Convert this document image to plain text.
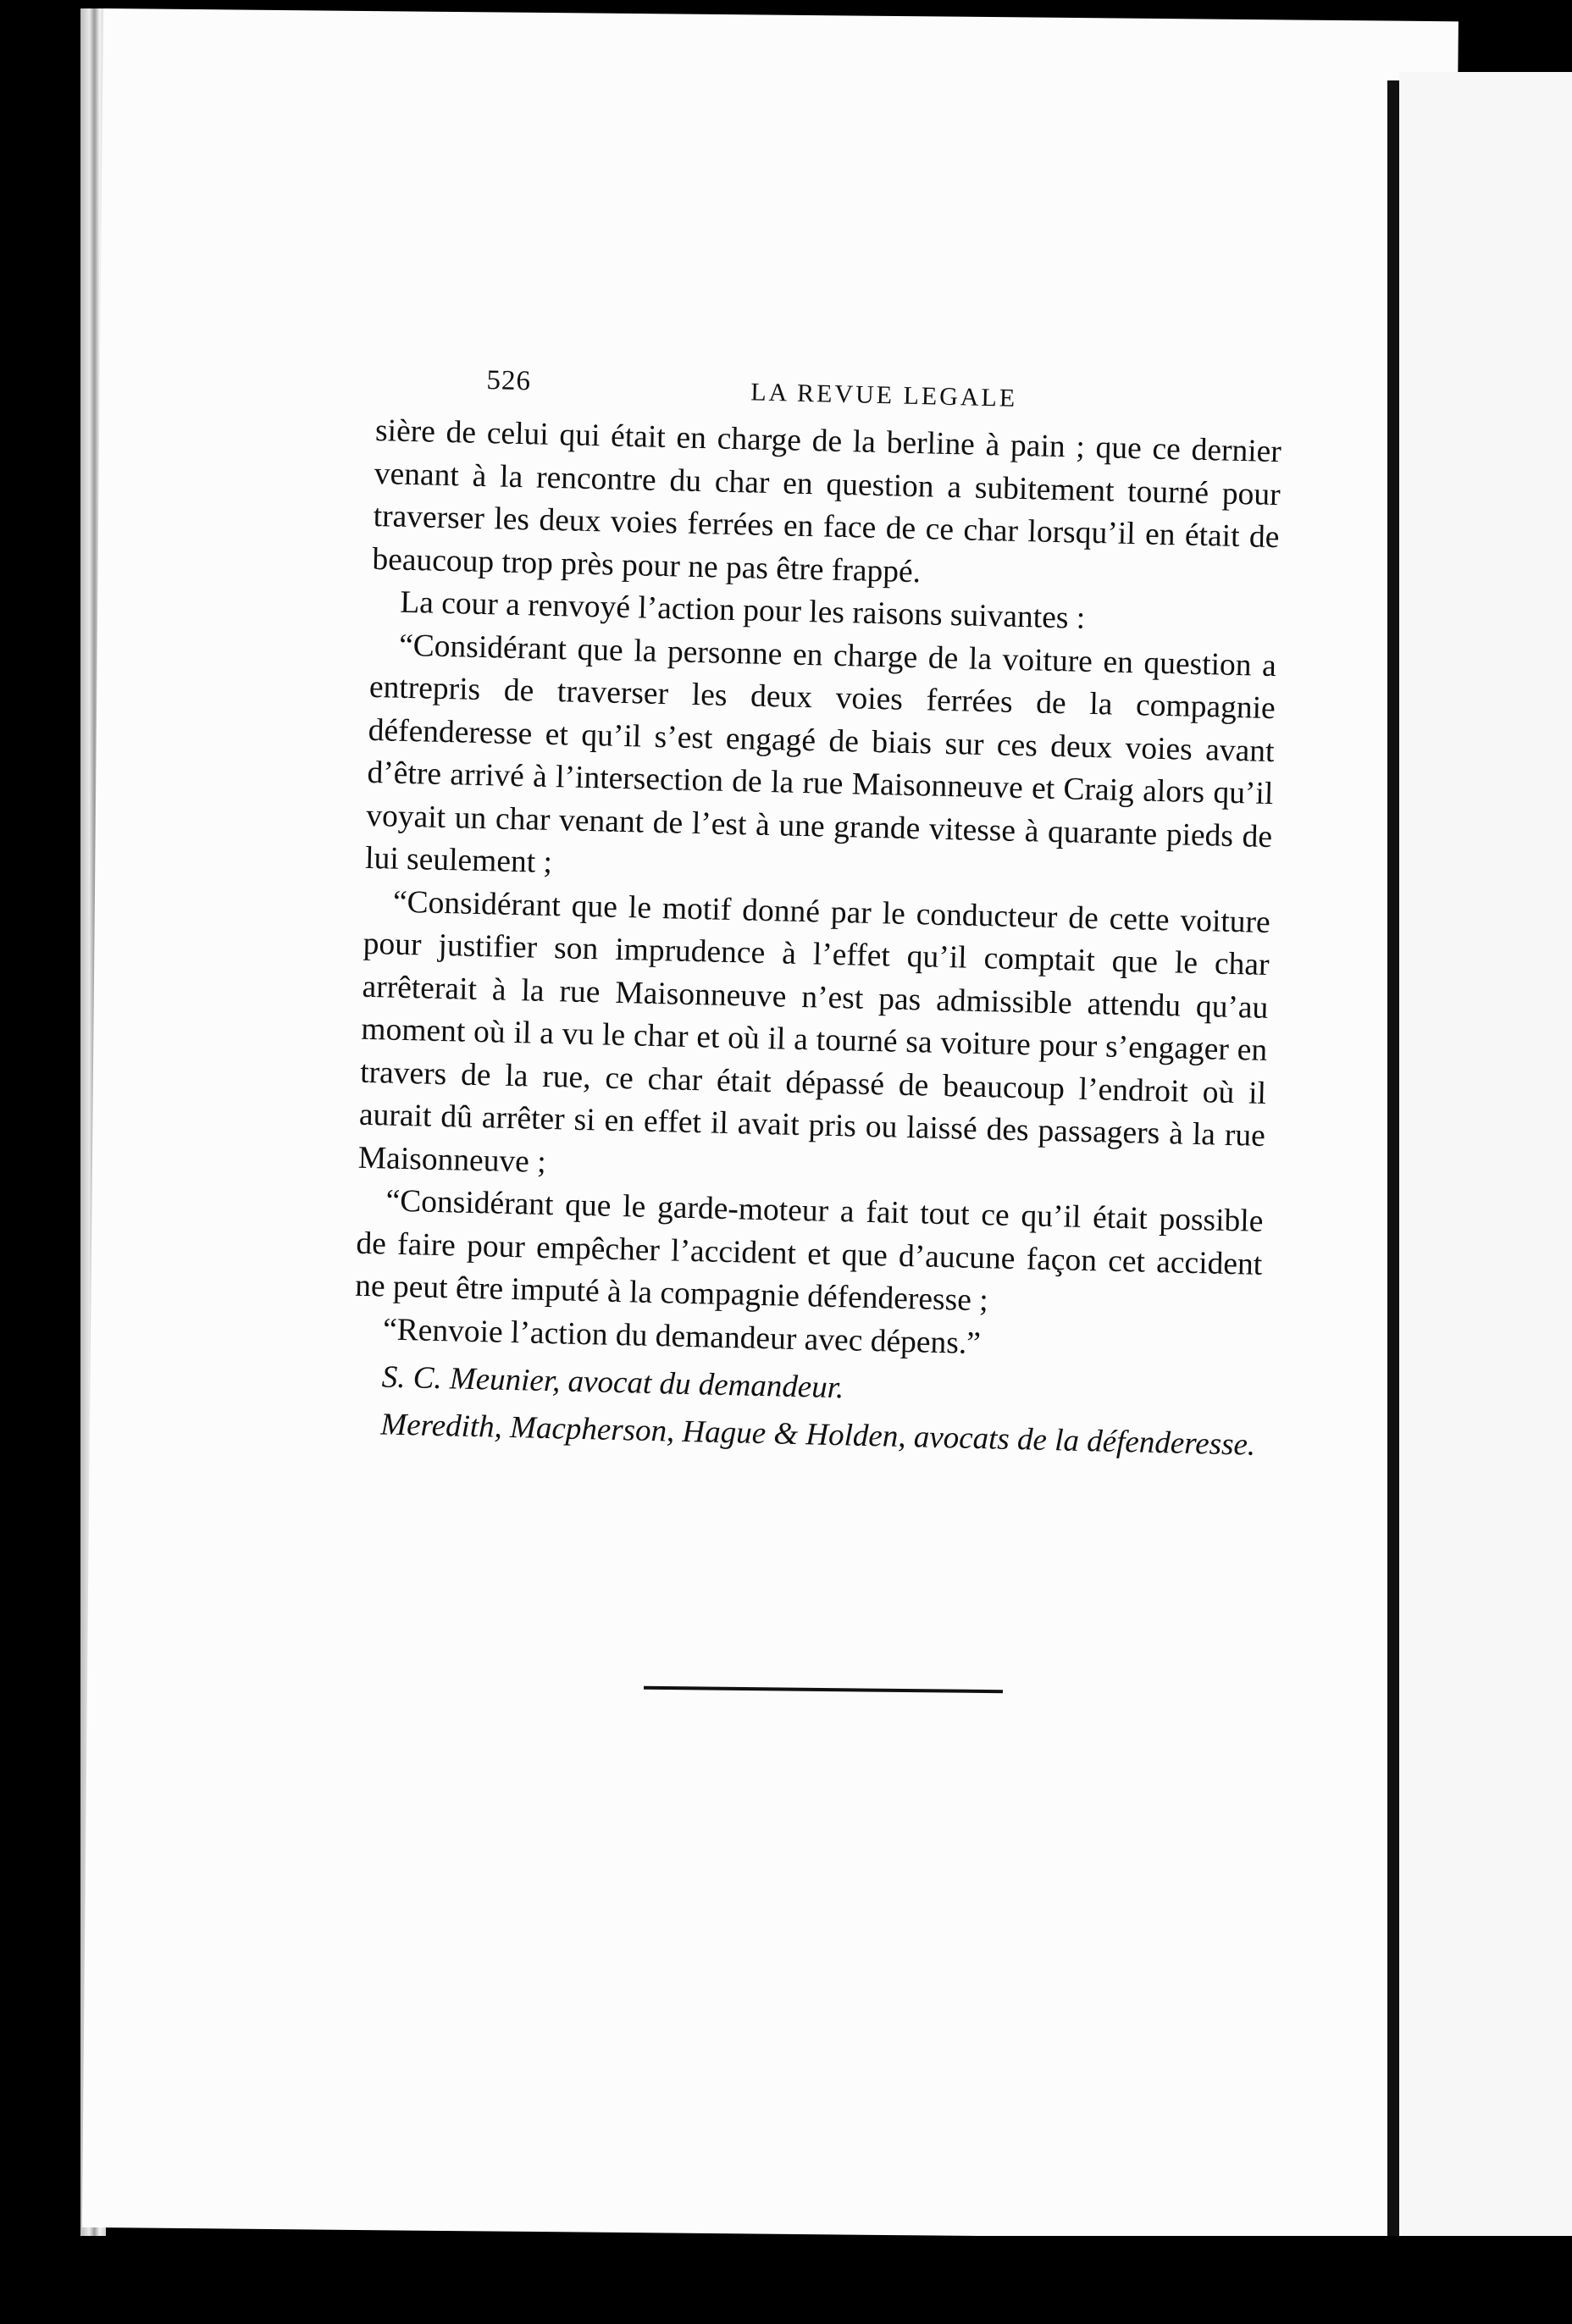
526	LA REVUE LEGALE

sière de celui qui était en charge de la berline à pain ; que ce dernier venant à la rencontre du char en question a subitement tourné pour traverser les deux voies ferrées en face de ce char lorsqu’il en était de beaucoup trop près pour ne pas être frappé.

La cour a renvoyé l’action pour les raisons suivantes :

“Considérant que la personne en charge de la voiture en question a entrepris de traverser les deux voies ferrées de la compagnie défenderesse et qu’il s’est engagé de biais sur ces deux voies avant d’être arrivé à l’intersection de la rue Maisonneuve et Craig alors qu’il voyait un char venant de l’est à une grande vitesse à quarante pieds de lui seulement ;

“Considérant que le motif donné par le conducteur de cette voiture pour justifier son imprudence à l’effet qu’il comptait que le char arrêterait à la rue Maisonneuve n’est pas admissible attendu qu’au moment où il a vu le char et où il a tourné sa voiture pour s’engager en travers de la rue, ce char était dépassé de beaucoup l’endroit où il aurait dû arrêter si en effet il avait pris ou laissé des passagers à la rue Maisonneuve ;

“Considérant que le garde-moteur a fait tout ce qu’il était possible de faire pour empêcher l’accident et que d’aucune façon cet accident ne peut être imputé à la compagnie défenderesse ;

“Renvoie l’action du demandeur avec dépens.”

S. C. Meunier, avocat du demandeur.

Meredith, Macpherson, Hague & Holden, avocats de la défenderesse.
